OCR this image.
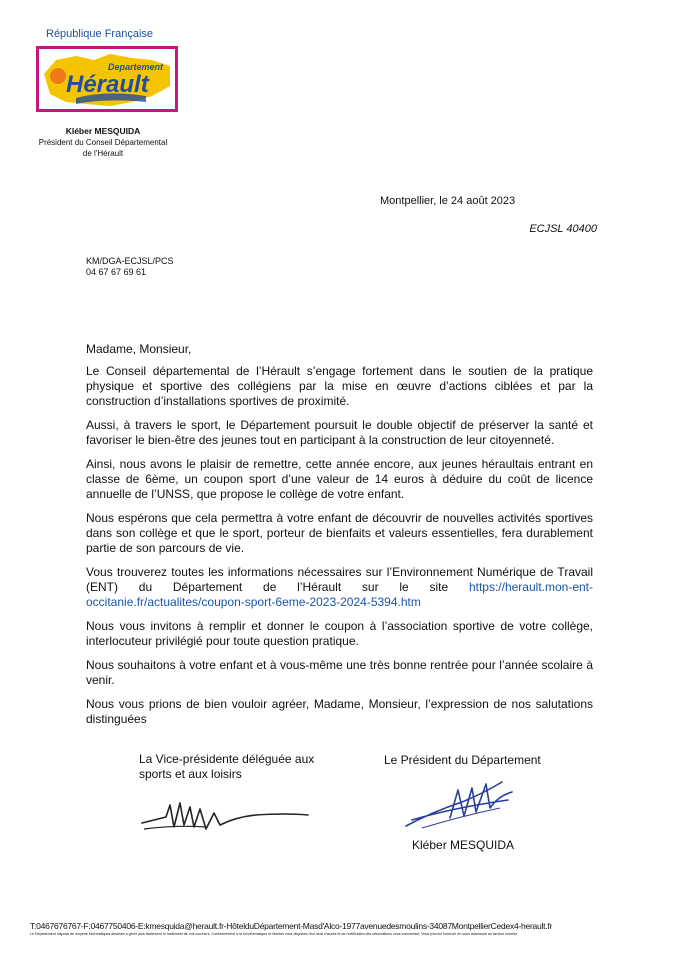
République Française
Departement
Hérault
Kléber MESQUIDA
Président du Conseil Départemental
de l'Hérault
Montpellier, le 24 août 2023
ECJSL 40400
KM/DGA-ECJSL/PCS
04 67 67 69 61

Madame, Monsieur,

Le Conseil départemental de l’Hérault s’engage fortement dans le soutien de la pratique physique et sportive des collégiens par la mise en œuvre d’actions ciblées et par la construction d’installations sportives de proximité.

Aussi, à travers le sport, le Département poursuit le double objectif de préserver la santé et favoriser le bien-être des jeunes tout en participant à la construction de leur citoyenneté.

Ainsi, nous avons le plaisir de remettre, cette année encore, aux jeunes héraultais entrant en classe de 6ème, un coupon sport d’une valeur de 14 euros à déduire du coût de licence annuelle de l’UNSS, que propose le collège de votre enfant.

Nous espérons que cela permettra à votre enfant de découvrir de nouvelles activités sportives dans son collège et que le sport, porteur de bienfaits et valeurs essentielles, fera durablement partie de son parcours de vie.

Vous trouverez toutes les informations nécessaires sur l’Environnement Numérique de Travail (ENT) du Département de l’Hérault sur le site https://herault.mon-ent-occitanie.fr/actualites/coupon-sport-6eme-2023-2024-5394.htm

Nous vous invitons à remplir et donner le coupon à l’association sportive de votre collège, interlocuteur privilégié pour toute question pratique.

Nous souhaitons à votre enfant et à vous-même une très bonne rentrée pour l’année scolaire à venir.

Nous vous prions de bien vouloir agréer, Madame, Monsieur, l’expression de nos salutations distinguées

La Vice-présidente déléguée aux
sports et aux loisirs
Le Président du Département
Kléber MESQUIDA
T:0467676767-F:0467750406-E:kmesquida@herault.fr-HôtelduDépartement-Masd'Alco-1977avenuedesmoulins-34087MontpellierCedex4-herault.fr
Le Département dispose de moyens informatiques destinés à gérer plus facilement le traitement de vos courriers. Conformément à la loi informatique et libertés vous disposez d'un droit d'accès et de rectification des informations vous concernant. Vous pouvez l'exercer en vous adressant au service courrier.
